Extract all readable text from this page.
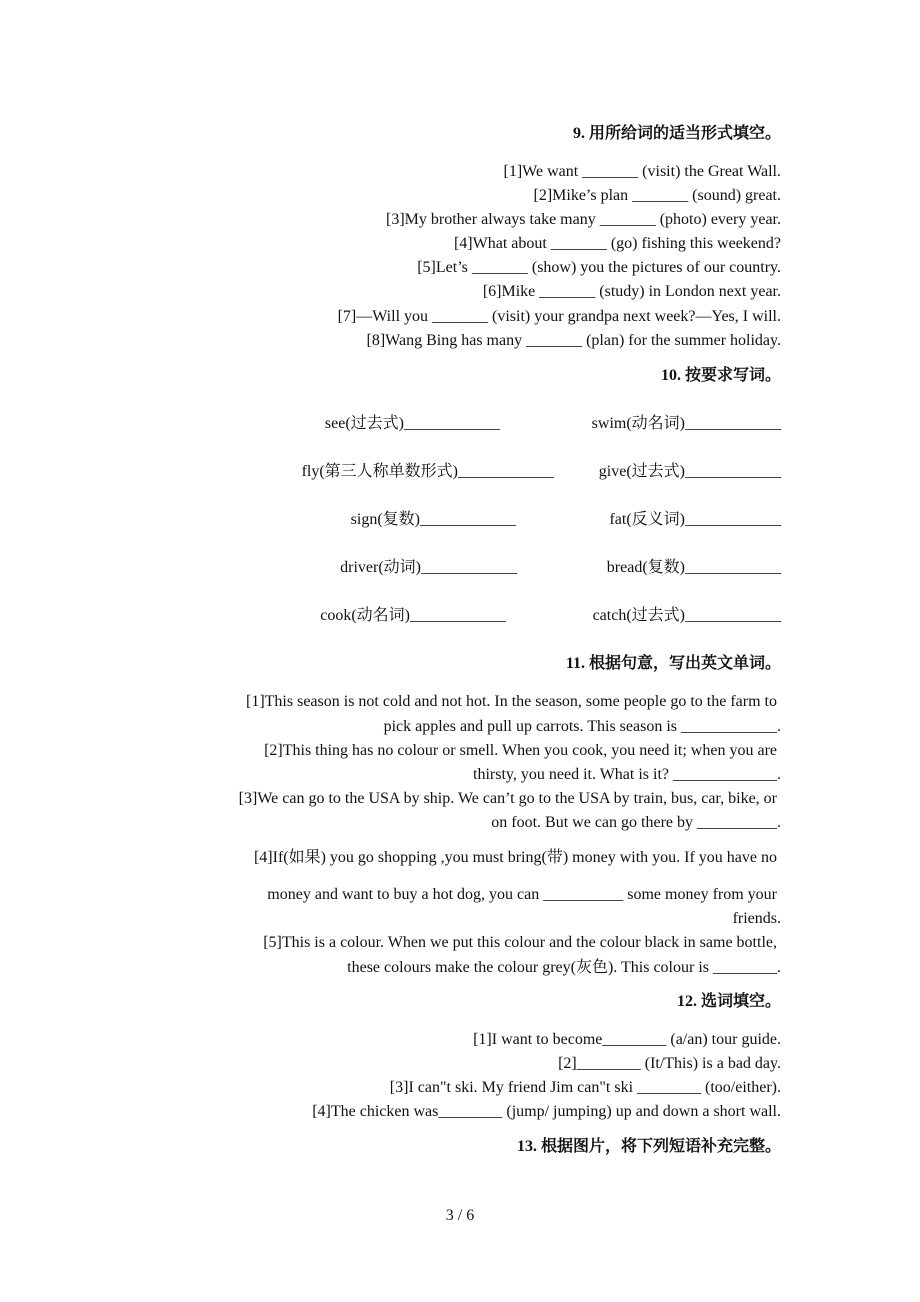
9. 用所给词的适当形式填空。
[1]We want _______ (visit) the Great Wall.
[2]Mike’s plan _______ (sound) great.
[3]My brother always take many _______ (photo) every year.
[4]What about _______ (go) fishing this weekend?
[5]Let’s _______ (show) you the pictures of our country.
[6]Mike _______ (study) in London next year.
[7]—Will you _______ (visit) your grandpa next week?—Yes, I will.
[8]Wang Bing has many _______ (plan) for the summer holiday.
10. 按要求写词。
see(过去式)____________	swim(动名词)____________
fly(第三人称单数形式)____________	give(过去式)____________
sign(复数)____________	fat(反义词)____________
driver(动词)____________	bread(复数)____________
cook(动名词)____________	catch(过去式)____________
11. 根据句意，写出英文单词。
[1]This season is not cold and not hot. In the season, some people go to the farm to
pick apples and pull up carrots. This season is ____________.
[2]This thing has no colour or smell. When you cook, you need it; when you are
thirsty, you need it. What is it? _____________.
[3]We can go to the USA by ship. We can’t go to the USA by train, bus, car, bike, or
on foot. But we can go there by __________.
[4]If(如果) you go shopping ,you must bring(带) money with you. If you have no
money and want to buy a hot dog, you can __________ some money from your
friends.
[5]This is a colour. When we put this colour and the colour black in same bottle,
these colours make the colour grey(灰色). This colour is ________.
12. 选词填空。
[1]I want to become________ (a/an) tour guide.
[2]________ (It/This) is a bad day.
[3]I can"t ski. My friend Jim can"t ski ________ (too/either).
[4]The chicken was________ (jump/ jumping) up and down a short wall.
13. 根据图片，将下列短语补充完整。
3 / 6
